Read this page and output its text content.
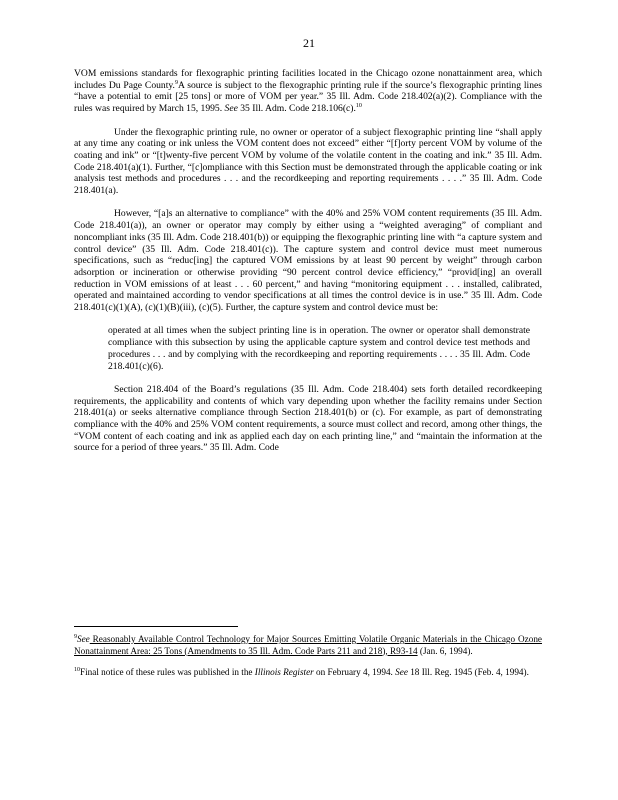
21

VOM emissions standards for flexographic printing facilities located in the Chicago ozone nonattainment area, which includes Du Page County.$^9$A source is subject to the flexographic printing rule if the source’s flexographic printing lines “have a potential to emit [25 tons] or more of VOM per year.” 35 Ill. Adm. Code 218.402(a)(2). Compliance with the rules was required by March 15, 1995. See 35 Ill. Adm. Code 218.106(c).$^{10}$

Under the flexographic printing rule, no owner or operator of a subject flexographic printing line “shall apply at any time any coating or ink unless the VOM content does not exceed” either “[f]orty percent VOM by volume of the coating and ink” or “[t]wenty-five percent VOM by volume of the volatile content in the coating and ink.” 35 Ill. Adm. Code 218.401(a)(1). Further, “[c]ompliance with this Section must be demonstrated through the applicable coating or ink analysis test methods and procedures . . . and the recordkeeping and reporting requirements . . . .” 35 Ill. Adm. Code 218.401(a).

However, “[a]s an alternative to compliance” with the 40% and 25% VOM content requirements (35 Ill. Adm. Code 218.401(a)), an owner or operator may comply by either using a “weighted averaging” of compliant and noncompliant inks (35 Ill. Adm. Code 218.401(b)) or equipping the flexographic printing line with “a capture system and control device” (35 Ill. Adm. Code 218.401(c)). The capture system and control device must meet numerous specifications, such as “reduc[ing] the captured VOM emissions by at least 90 percent by weight” through carbon adsorption or incineration or otherwise providing “90 percent control device efficiency,” “provid[ing] an overall reduction in VOM emissions of at least . . . 60 percent,” and having “monitoring equipment . . . installed, calibrated, operated and maintained according to vendor specifications at all times the control device is in use.” 35 Ill. Adm. Code 218.401(c)(1)(A), (c)(1)(B)(iii), (c)(5). Further, the capture system and control device must be:

operated at all times when the subject printing line is in operation. The owner or operator shall demonstrate compliance with this subsection by using the applicable capture system and control device test methods and procedures . . . and by complying with the recordkeeping and reporting requirements . . . . 35 Ill. Adm. Code 218.401(c)(6).

Section 218.404 of the Board’s regulations (35 Ill. Adm. Code 218.404) sets forth detailed recordkeeping requirements, the applicability and contents of which vary depending upon whether the facility remains under Section 218.401(a) or seeks alternative compliance through Section 218.401(b) or (c). For example, as part of demonstrating compliance with the 40% and 25% VOM content requirements, a source must collect and record, among other things, the “VOM content of each coating and ink as applied each day on each printing line,” and “maintain the information at the source for a period of three years.” 35 Ill. Adm. Code

$^9$See Reasonably Available Control Technology for Major Sources Emitting Volatile Organic Materials in the Chicago Ozone Nonattainment Area: 25 Tons (Amendments to 35 Ill. Adm. Code Parts 211 and 218), R93-14 (Jan. 6, 1994).

$^{10}$Final notice of these rules was published in the Illinois Register on February 4, 1994. See 18 Ill. Reg. 1945 (Feb. 4, 1994).
